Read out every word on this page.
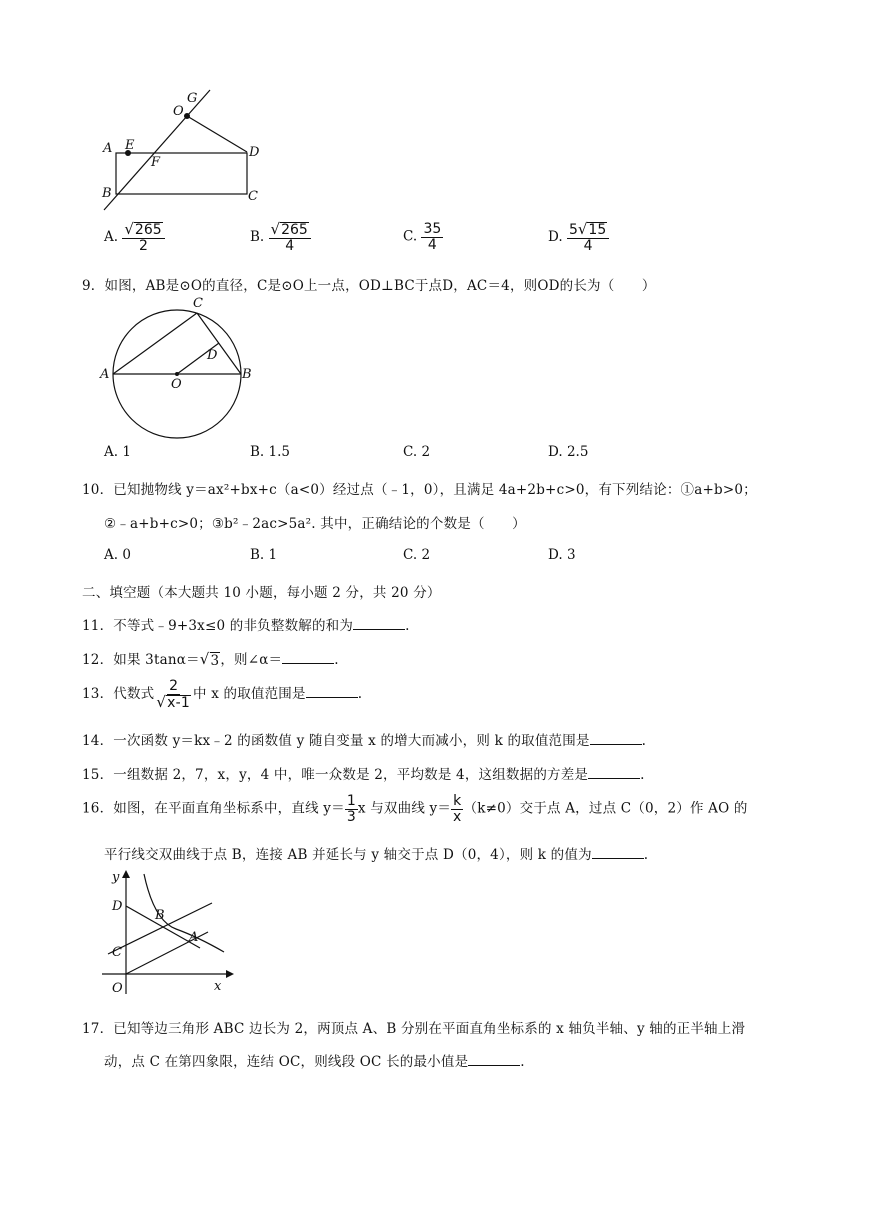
G
O
E
A
F
D
B	C
A. $\frac{√ 265}{2}$	B. $\frac{√ 265}{4}$	C. $\frac{35}{4}$	D. $\frac{5 √ 15}{4}$
9．如图，AB是⊙O的直径，C是⊙O上一点，OD⊥BC于点D，AC＝4，则OD的长为（　　）
C
D
A
O
B
A. 1	B. 1.5	C. 2	D. 2.5
10．已知抛物线 y＝ax²+bx+c（a<0）经过点（﹣1，0），且满足 4a+2b+c>0，有下列结论：①a+b>0；
②﹣a+b+c>0；③b²﹣2ac>5a². 其中，正确结论的个数是（　　）
A. 0	B. 1	C. 2	D. 3
二、填空题（本大题共 10 小题，每小题 2 分，共 20 分）
11．不等式﹣9+3x≤0 的非负整数解的和为	.
12．如果 3tanα＝ √ 3 ，则∠α＝	.
13．代数式 $\frac{2}{√ x-1}$ 中 x 的取值范围是	.
14．一次函数 y＝kx﹣2 的函数值 y 随自变量 x 的增大而减小，则 k 的取值范围是	.
15．一组数据 2，7，x，y，4 中，唯一众数是 2，平均数是 4，这组数据的方差是	.
16．如图，在平面直角坐标系中，直线 $y= \frac{1}{3}$ x 与双曲线 $y= \frac{k}{x} (k\ne 0)$交于点 A，过点 C（0，2）作 AO 的
平行线交双曲线于点 B，连接 AB 并延长与 y 轴交于点 D（0，4），则 k 的值为	.
y
D
B
C
A
O	x
17．已知等边三角形 ABC 边长为 2，两顶点 A、B 分别在平面直角坐标系的 x 轴负半轴、y 轴的正半轴上滑
动，点 C 在第四象限，连结 OC，则线段 OC 长的最小值是	.
